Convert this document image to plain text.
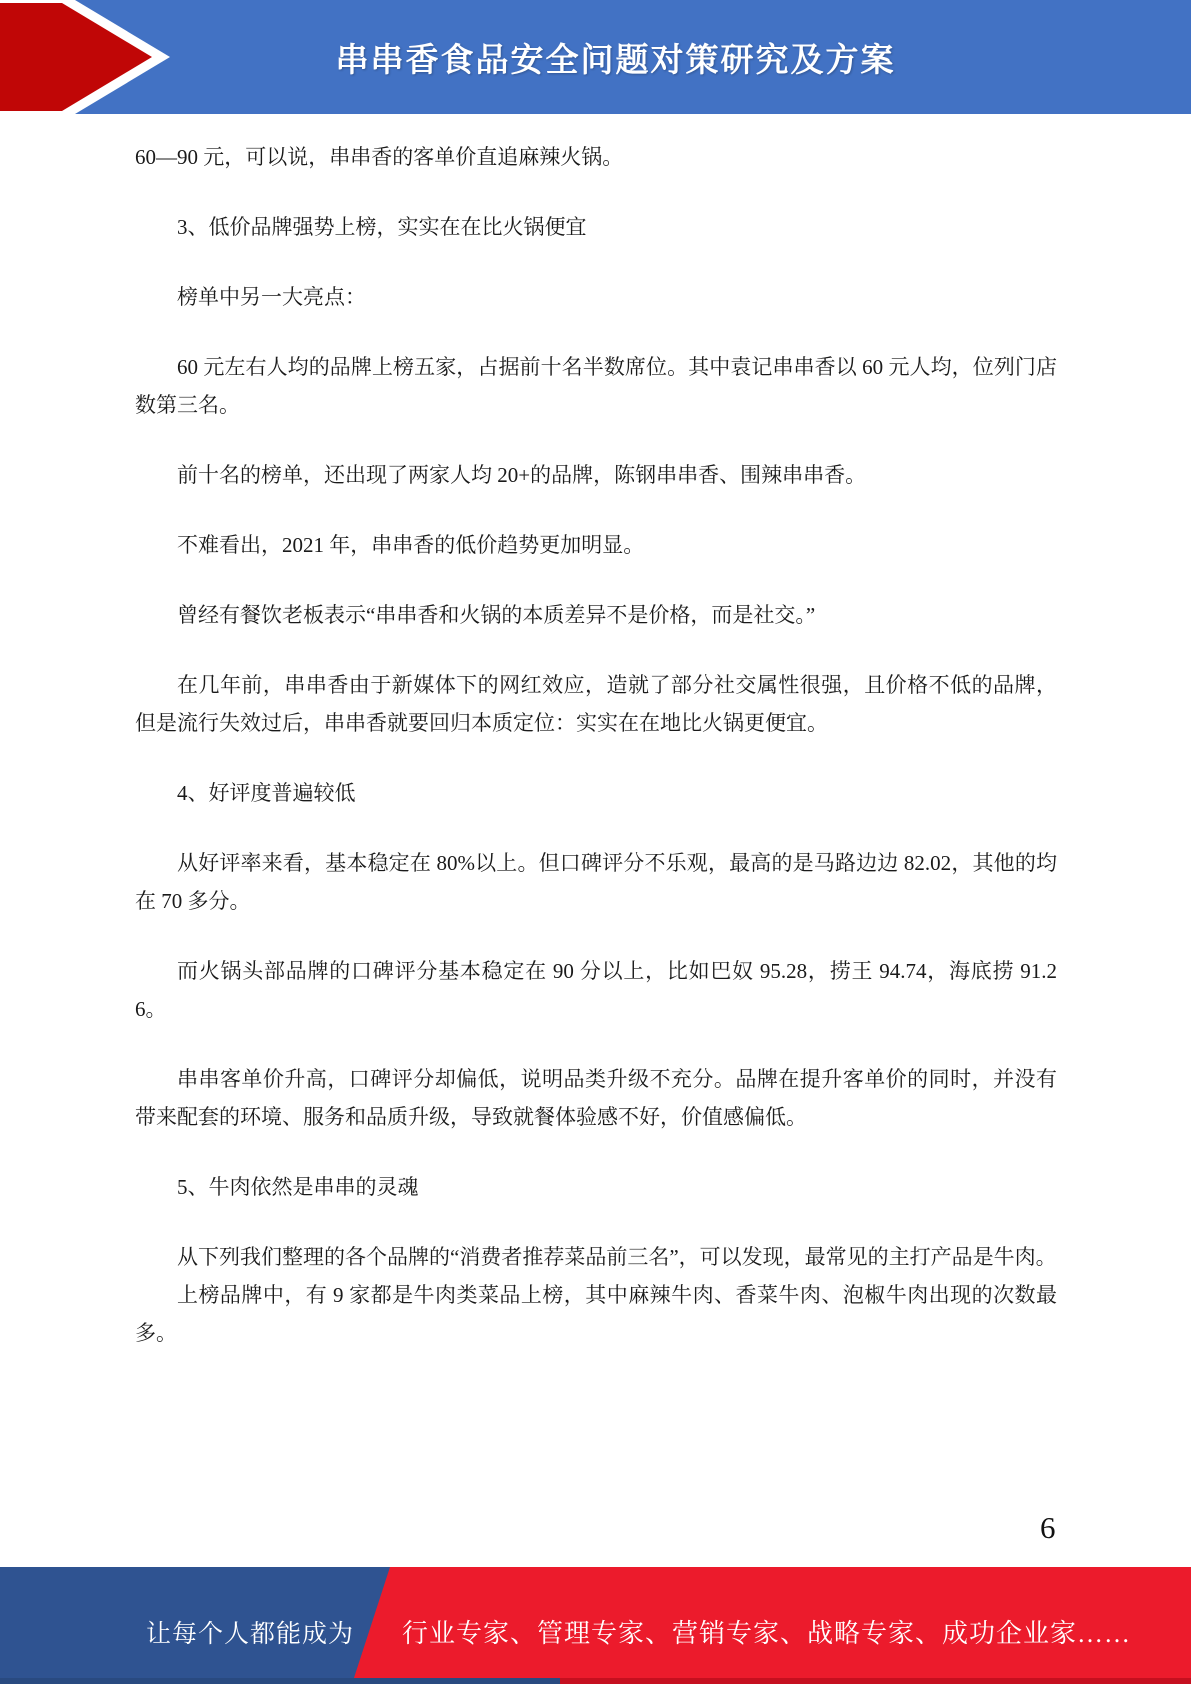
串串香食品安全问题对策研究及方案

60—90 元，可以说，串串香的客单价直追麻辣火锅。

3、低价品牌强势上榜，实实在在比火锅便宜

榜单中另一大亮点：

60 元左右人均的品牌上榜五家，占据前十名半数席位。其中袁记串串香以 60 元人均，位列门店数第三名。

前十名的榜单，还出现了两家人均 20+的品牌，陈钢串串香、围辣串串香。

不难看出，2021 年，串串香的低价趋势更加明显。

曾经有餐饮老板表示“串串香和火锅的本质差异不是价格，而是社交。”

在几年前，串串香由于新媒体下的网红效应，造就了部分社交属性很强，且价格不低的品牌，但是流行失效过后，串串香就要回归本质定位：实实在在地比火锅更便宜。

4、好评度普遍较低

从好评率来看，基本稳定在 80%以上。但口碑评分不乐观，最高的是马路边边 82.02，其他的均在 70 多分。

而火锅头部品牌的口碑评分基本稳定在 90 分以上，比如巴奴 95.28，捞王 94.74，海底捞 91.26。

串串客单价升高，口碑评分却偏低，说明品类升级不充分。品牌在提升客单价的同时，并没有带来配套的环境、服务和品质升级，导致就餐体验感不好，价值感偏低。

5、牛肉依然是串串的灵魂

从下列我们整理的各个品牌的“消费者推荐菜品前三名”，可以发现，最常见的主打产品是牛肉。

上榜品牌中，有 9 家都是牛肉类菜品上榜，其中麻辣牛肉、香菜牛肉、泡椒牛肉出现的次数最多。

6
让每个人都能成为 行业专家、管理专家、营销专家、战略专家、成功企业家……
